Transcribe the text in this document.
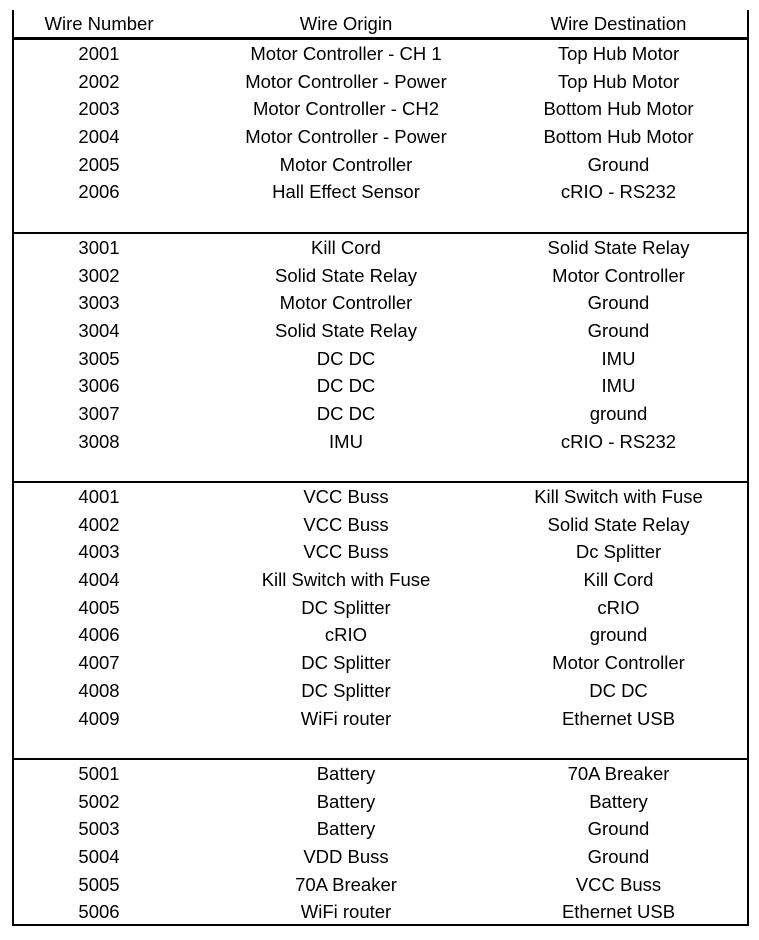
Wire Number	Wire Origin	Wire Destination
2001	Motor Controller - CH 1	Top Hub Motor
2002	Motor Controller - Power	Top Hub Motor
2003	Motor Controller - CH2	Bottom Hub Motor
2004	Motor Controller - Power	Bottom Hub Motor
2005	Motor Controller	Ground
2006	Hall Effect Sensor	cRIO - RS232
3001	Kill Cord	Solid State Relay
3002	Solid State Relay	Motor Controller
3003	Motor Controller	Ground
3004	Solid State Relay	Ground
3005	DC DC	IMU
3006	DC DC	IMU
3007	DC DC	ground
3008	IMU	cRIO - RS232
4001	VCC Buss	Kill Switch with Fuse
4002	VCC Buss	Solid State Relay
4003	VCC Buss	Dc Splitter
4004	Kill Switch with Fuse	Kill Cord
4005	DC Splitter	cRIO
4006	cRIO	ground
4007	DC Splitter	Motor Controller
4008	DC Splitter	DC DC
4009	WiFi router	Ethernet USB
5001	Battery	70A Breaker
5002	Battery	Battery
5003	Battery	Ground
5004	VDD Buss	Ground
5005	70A Breaker	VCC Buss
5006	WiFi router	Ethernet USB
